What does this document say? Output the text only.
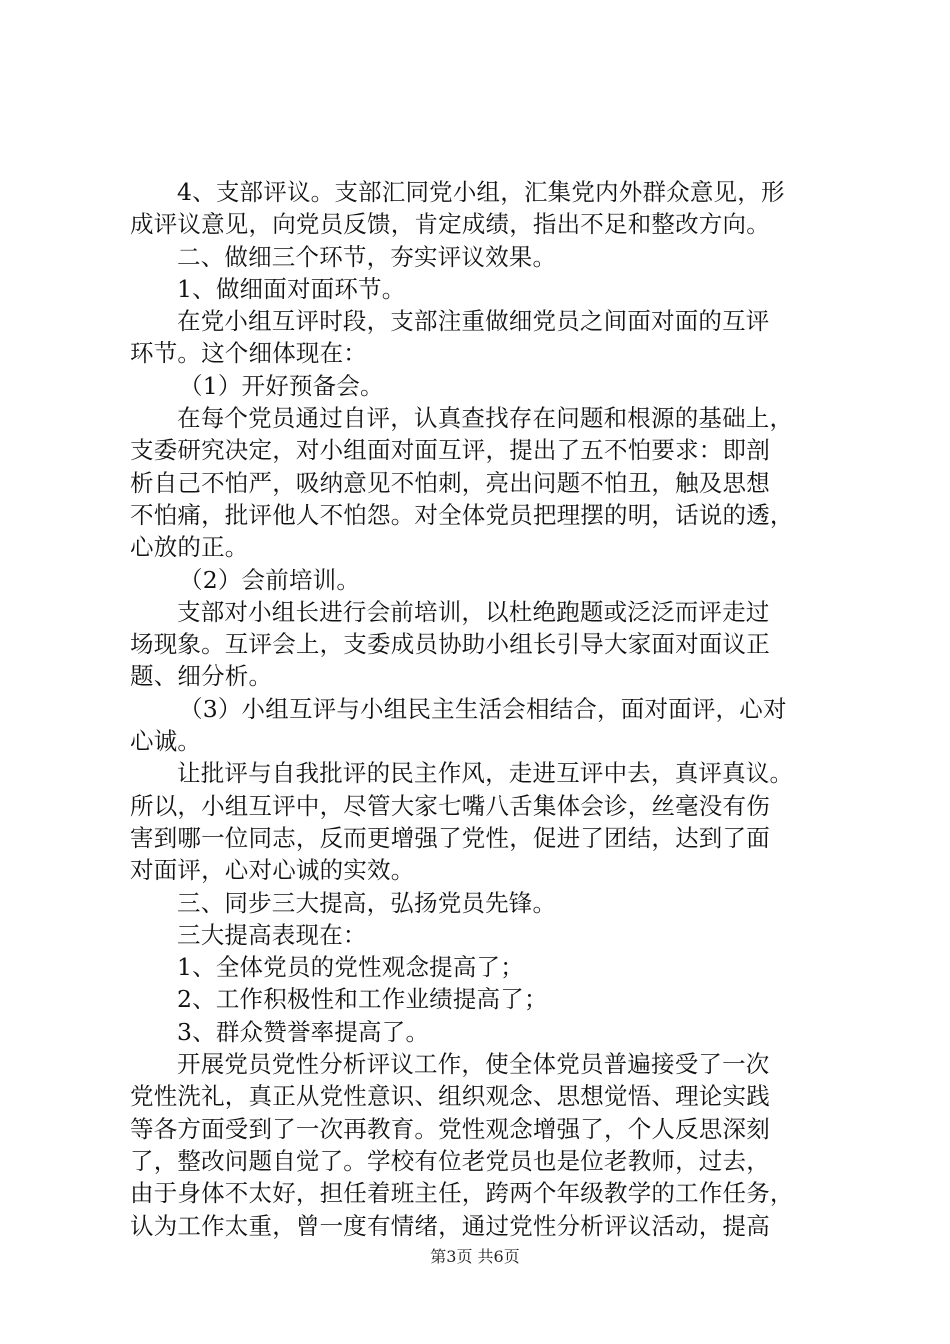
4、支部评议。支部汇同党小组，汇集党内外群众意见，形
成评议意见，向党员反馈，肯定成绩，指出不足和整改方向。
二、做细三个环节，夯实评议效果。
1、做细面对面环节。
在党小组互评时段，支部注重做细党员之间面对面的互评
环节。这个细体现在：
（1）开好预备会。
在每个党员通过自评，认真查找存在问题和根源的基础上，
支委研究决定，对小组面对面互评，提出了五不怕要求：即剖
析自己不怕严，吸纳意见不怕刺，亮出问题不怕丑，触及思想
不怕痛，批评他人不怕怨。对全体党员把理摆的明，话说的透，
心放的正。
（2）会前培训。
支部对小组长进行会前培训，以杜绝跑题或泛泛而评走过
场现象。互评会上，支委成员协助小组长引导大家面对面议正
题、细分析。
（3）小组互评与小组民主生活会相结合，面对面评，心对
心诚。
让批评与自我批评的民主作风，走进互评中去，真评真议。
所以，小组互评中，尽管大家七嘴八舌集体会诊，丝毫没有伤
害到哪一位同志，反而更增强了党性，促进了团结，达到了面
对面评，心对心诚的实效。
三、同步三大提高，弘扬党员先锋。
三大提高表现在：
1、全体党员的党性观念提高了；
2、工作积极性和工作业绩提高了；
3、群众赞誉率提高了。
开展党员党性分析评议工作，使全体党员普遍接受了一次
党性洗礼，真正从党性意识、组织观念、思想觉悟、理论实践
等各方面受到了一次再教育。党性观念增强了，个人反思深刻
了，整改问题自觉了。学校有位老党员也是位老教师，过去，
由于身体不太好，担任着班主任，跨两个年级教学的工作任务，
认为工作太重，曾一度有情绪，通过党性分析评议活动，提高
第3页 共6页
